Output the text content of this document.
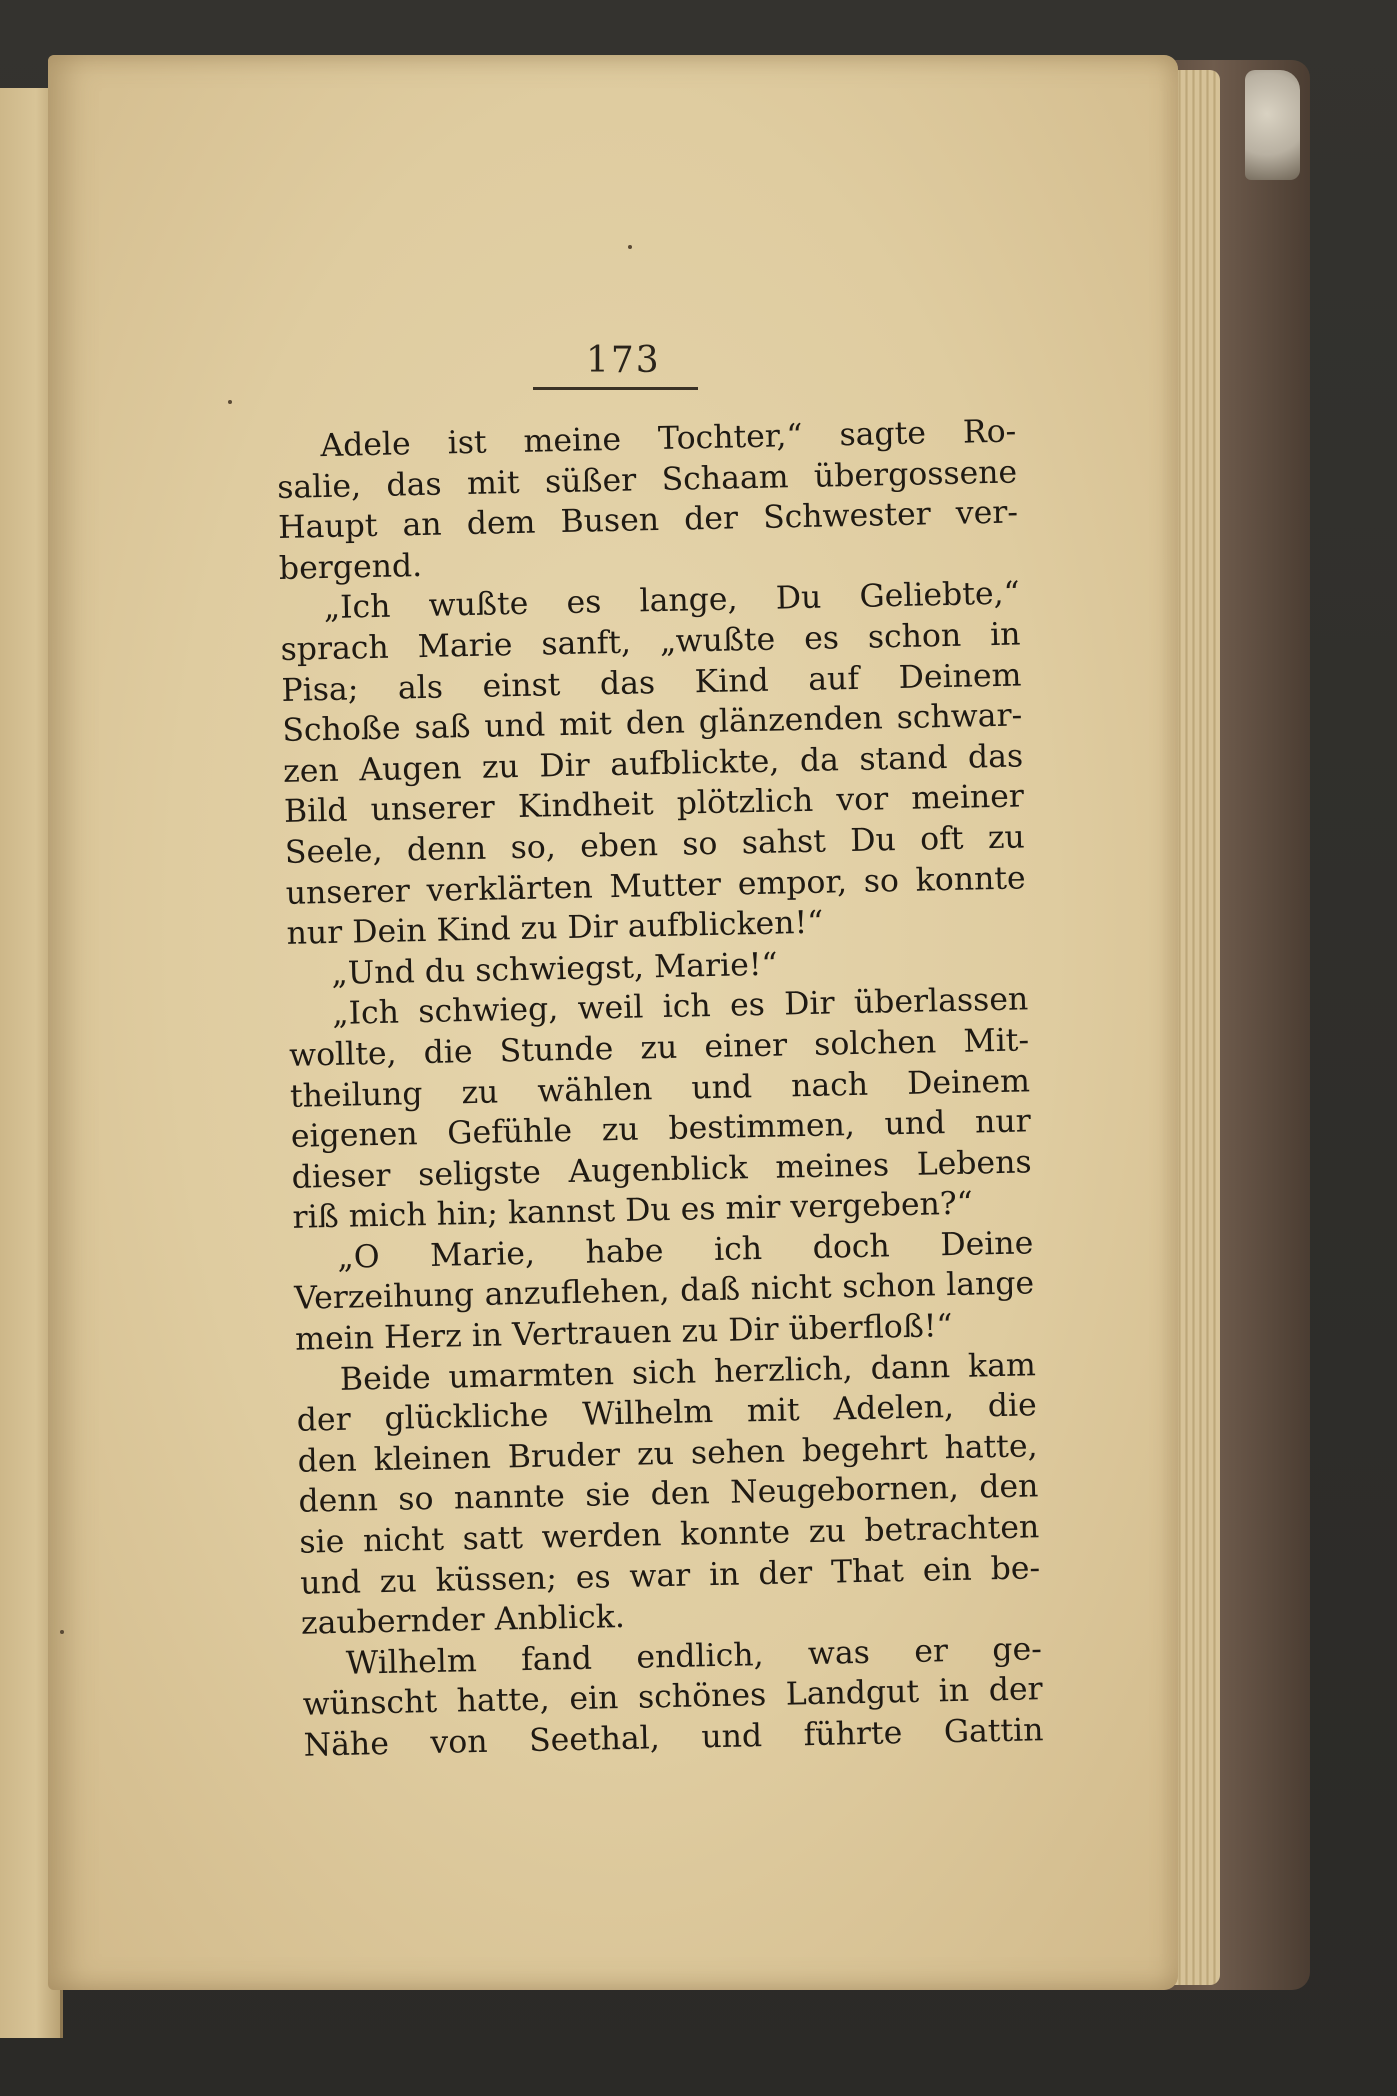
173
Adele ist meine Tochter,“ sagte Ro-
salie, das mit süßer Schaam übergossene
Haupt an dem Busen der Schwester ver-
bergend.
„Ich wußte es lange, Du Geliebte,“
sprach Marie sanft, „wußte es schon in
Pisa; als einst das Kind auf Deinem
Schoße saß und mit den glänzenden schwar-
zen Augen zu Dir aufblickte, da stand das
Bild unserer Kindheit plötzlich vor meiner
Seele, denn so, eben so sahst Du oft zu
unserer verklärten Mutter empor, so konnte
nur Dein Kind zu Dir aufblicken!“
„Und du schwiegst, Marie!“
„Ich schwieg, weil ich es Dir überlassen
wollte, die Stunde zu einer solchen Mit-
theilung zu wählen und nach Deinem
eigenen Gefühle zu bestimmen, und nur
dieser seligste Augenblick meines Lebens
riß mich hin; kannst Du es mir vergeben?“
„O Marie, habe ich doch Deine
Verzeihung anzuflehen, daß nicht schon lange
mein Herz in Vertrauen zu Dir überfloß!“
Beide umarmten sich herzlich, dann kam
der glückliche Wilhelm mit Adelen, die
den kleinen Bruder zu sehen begehrt hatte,
denn so nannte sie den Neugebornen, den
sie nicht satt werden konnte zu betrachten
und zu küssen; es war in der That ein be-
zaubernder Anblick.
Wilhelm fand endlich, was er ge-
wünscht hatte, ein schönes Landgut in der
Nähe von Seethal, und führte Gattin
